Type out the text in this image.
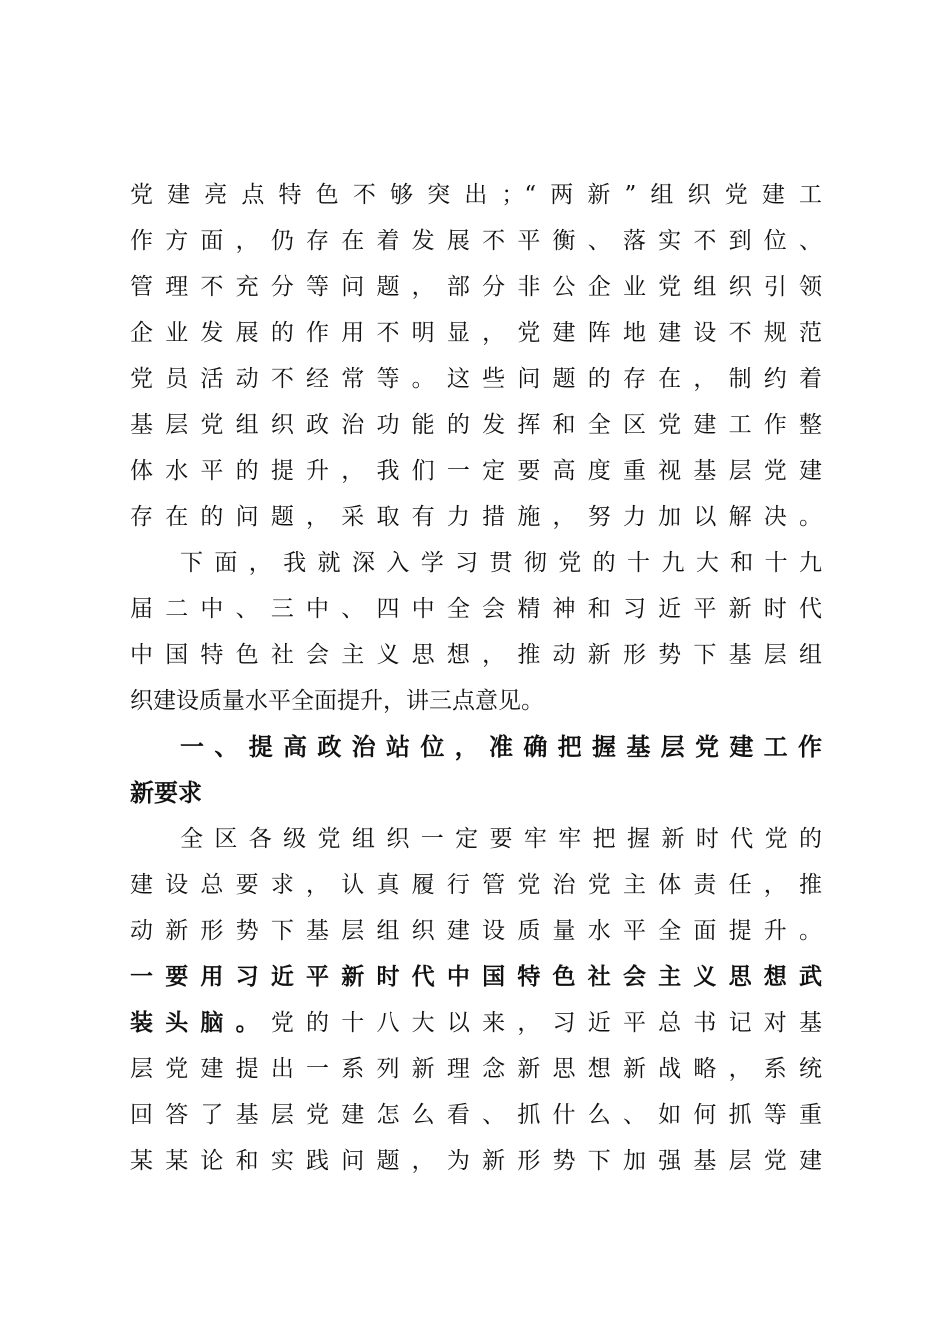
党建亮点特色不够突出；“两新”组织党建工
作方面，仍存在着发展不平衡、落实不到位、
管理不充分等问题，部分非公企业党组织引领
企业发展的作用不明显，党建阵地建设不规范
党员活动不经常等。这些问题的存在，制约着
基层党组织政治功能的发挥和全区党建工作整
体水平的提升，我们一定要高度重视基层党建
存在的问题，采取有力措施，努力加以解决。
下面，我就深入学习贯彻党的十九大和十九
届二中、三中、四中全会精神和习近平新时代
中国特色社会主义思想，推动新形势下基层组
织建设质量水平全面提升，讲三点意见。
一、提高政治站位，准确把握基层党建工作
新要求
全区各级党组织一定要牢牢把握新时代党的
建设总要求，认真履行管党治党主体责任，推
动新形势下基层组织建设质量水平全面提升。
一要用习近平新时代中国特色社会主义思想武
装头脑。党的十八大以来，习近平总书记对基
层党建提出一系列新理念新思想新战略，系统
回答了基层党建怎么看、抓什么、如何抓等重
某某论和实践问题，为新形势下加强基层党建
